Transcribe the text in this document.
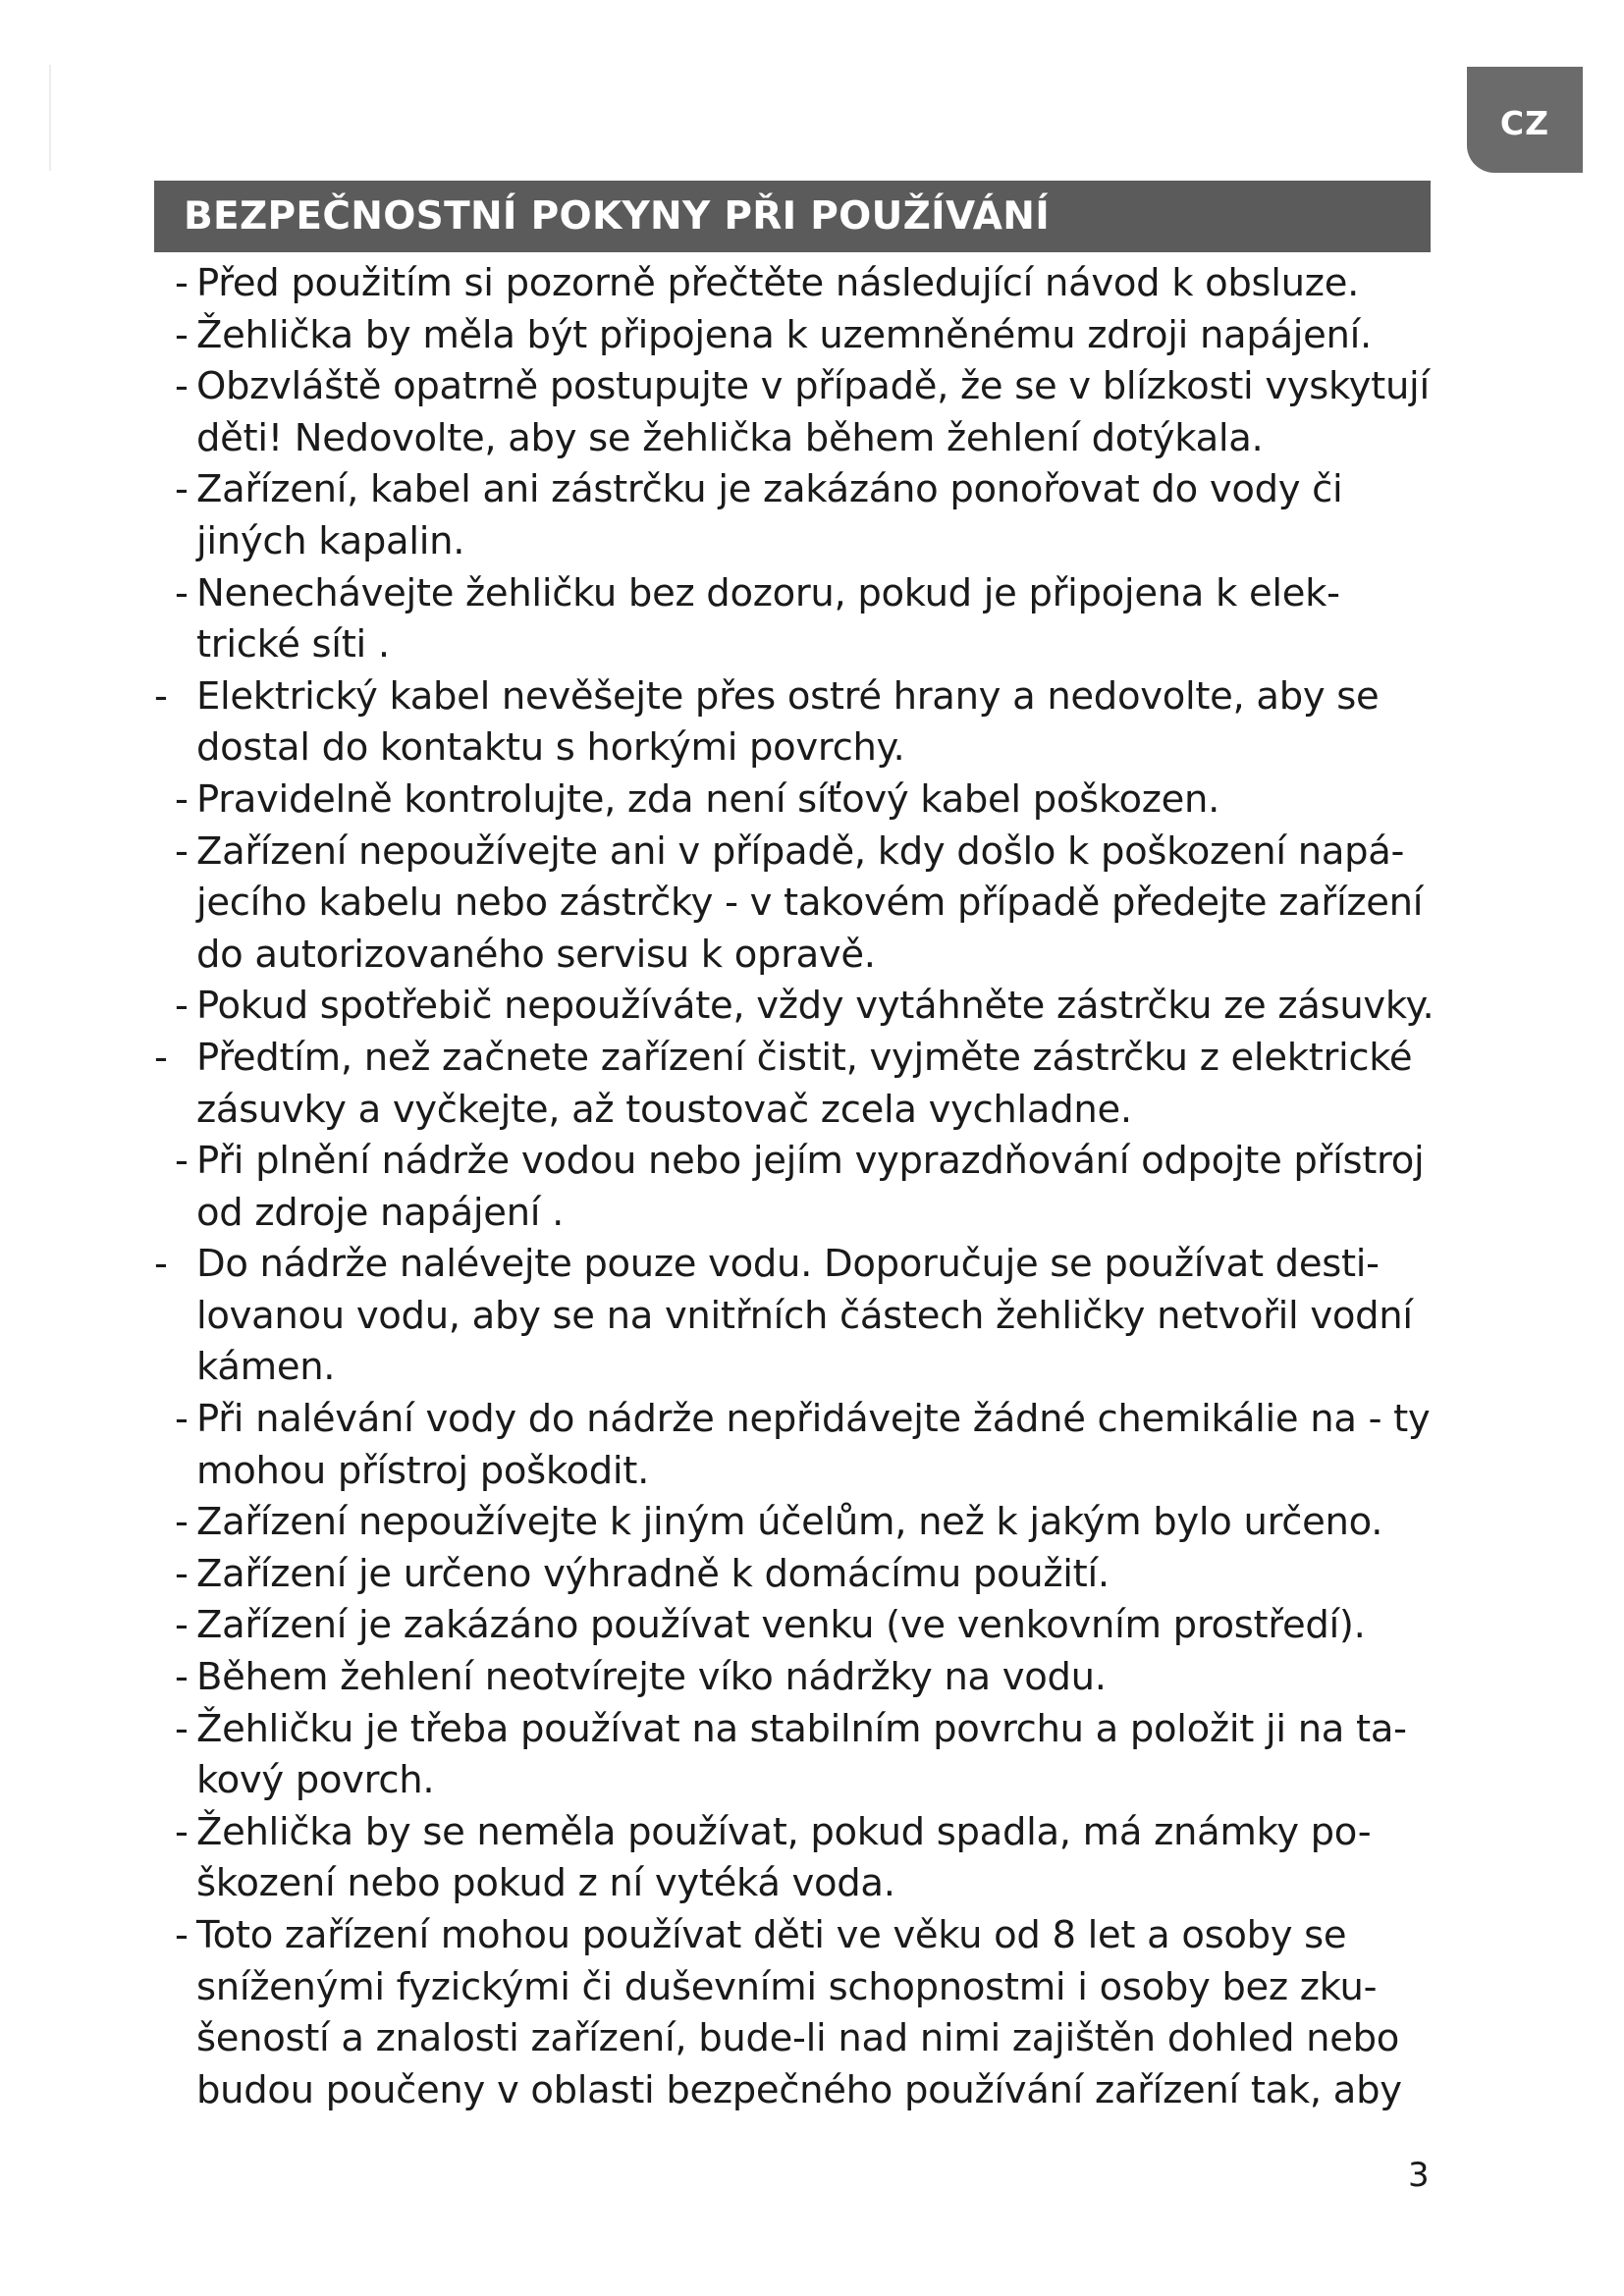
CZ
BEZPEČNOSTNÍ POKYNY PŘI POUŽÍVÁNÍ
- Před použitím si pozorně přečtěte následující návod k obsluze.
- Žehlička by měla být připojena k uzemněnému zdroji napájení.
- Obzvláště opatrně postupujte v případě, že se v blízkosti vyskytují
děti! Nedovolte, aby se žehlička během žehlení dotýkala.
- Zařízení, kabel ani zástrčku je zakázáno ponořovat do vody či
jiných kapalin.
- Nenechávejte žehličku bez dozoru, pokud je připojena k elek-
trické síti .
- Elektrický kabel nevěšejte přes ostré hrany a nedovolte, aby se
dostal do kontaktu s horkými povrchy.
- Pravidelně kontrolujte, zda není síťový kabel poškozen.
- Zařízení nepoužívejte ani v případě, kdy došlo k poškození napá-
jecího kabelu nebo zástrčky - v takovém případě předejte zařízení
do autorizovaného servisu k opravě.
- Pokud spotřebič nepoužíváte, vždy vytáhněte zástrčku ze zásuvky.
- Předtím, než začnete zařízení čistit, vyjměte zástrčku z elektrické
zásuvky a vyčkejte, až toustovač zcela vychladne.
- Při plnění nádrže vodou nebo jejím vyprazdňování odpojte přístroj
od zdroje napájení .
- Do nádrže nalévejte pouze vodu. Doporučuje se používat desti-
lovanou vodu, aby se na vnitřních částech žehličky netvořil vodní
kámen.
- Při nalévání vody do nádrže nepřidávejte žádné chemikálie na - ty
mohou přístroj poškodit.
- Zařízení nepoužívejte k jiným účelům, než k jakým bylo určeno.
- Zařízení je určeno výhradně k domácímu použití.
- Zařízení je zakázáno používat venku (ve venkovním prostředí).
- Během žehlení neotvírejte víko nádržky na vodu.
- Žehličku je třeba používat na stabilním povrchu a položit ji na ta-
kový povrch.
- Žehlička by se neměla používat, pokud spadla, má známky po-
škození nebo pokud z ní vytéká voda.
- Toto zařízení mohou používat děti ve věku od 8 let a osoby se
sníženými fyzickými či duševními schopnostmi i osoby bez zku-
šeností a znalosti zařízení, bude-li nad nimi zajištěn dohled nebo
budou poučeny v oblasti bezpečného používání zařízení tak, aby
3
